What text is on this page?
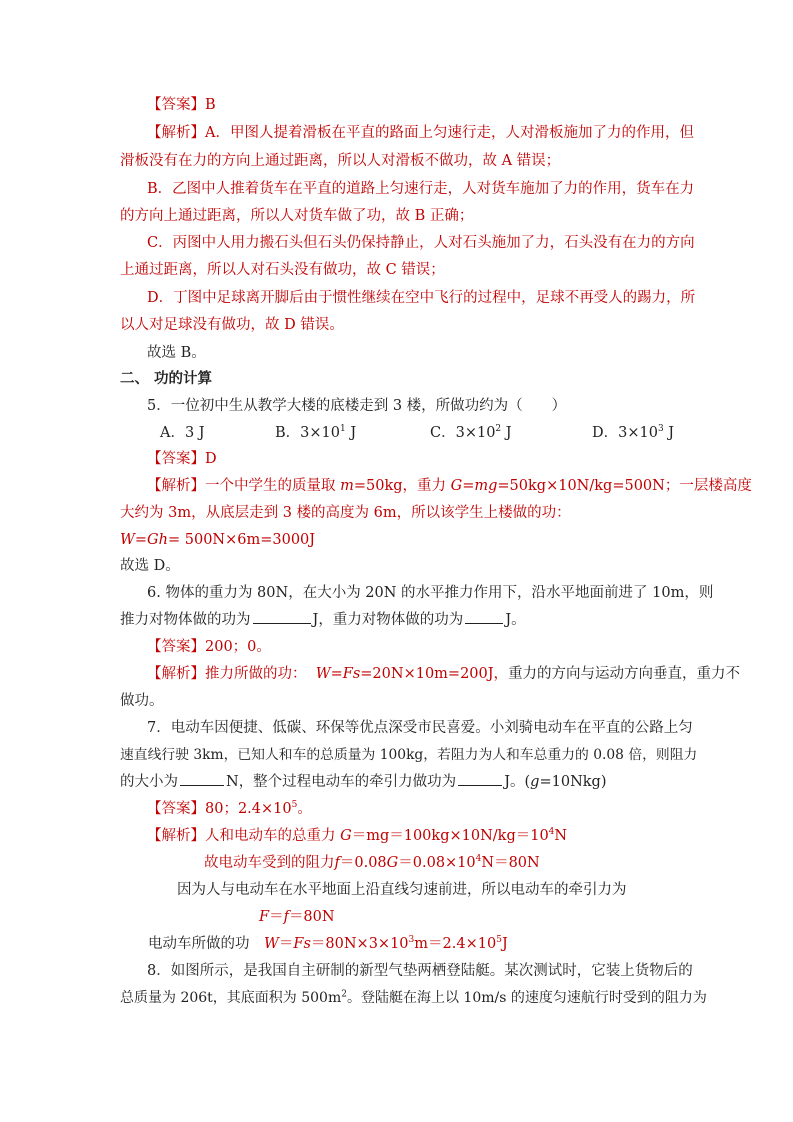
【答案】B
【解析】A．甲图人提着滑板在平直的路面上匀速行走，人对滑板施加了力的作用，但
滑板没有在力的方向上通过距离，所以人对滑板不做功，故 A 错误；
B．乙图中人推着货车在平直的道路上匀速行走，人对货车施加了力的作用，货车在力
的方向上通过距离，所以人对货车做了功，故 B 正确；
C．丙图中人用力搬石头但石头仍保持静止，人对石头施加了力，石头没有在力的方向
上通过距离，所以人对石头没有做功，故 C 错误；
D．丁图中足球离开脚后由于惯性继续在空中飞行的过程中，足球不再受人的踢力，所
以人对足球没有做功，故 D 错误。
故选 B。
二、 功的计算
5．一位初中生从教学大楼的底楼走到 3 楼，所做功约为（　　）
A．3 J	B．$3\times 10^1$ J	C．$3\times 10^2$ J	D．$3\times 10^3$ J
【答案】D
【解析】一个中学生的质量取 m=50kg，重力 G=mg=50kg×10N/kg=500N；一层楼高度
大约为 3m，从底层走到 3 楼的高度为 6m，所以该学生上楼做的功：
W=Gh= 500N×6m=3000J
故选 D。
6. 物体的重力为 80N，在大小为 20N 的水平推力作用下，沿水平地面前进了 10m，则
推力对物体做的功为	J，重力对物体做的功为	J。
【答案】200；0。
【解析】推力所做的功： W=Fs=20N×10m=200J，重力的方向与运动方向垂直，重力不
做功。
7．电动车因便捷、低碳、环保等优点深受市民喜爱。小刘骑电动车在平直的公路上匀
速直线行驶 3km，已知人和车的总质量为 100kg，若阻力为人和车总重力的 0.08 倍，则阻力
的大小为	N，整个过程电动车的牵引力做功为	J。(g=10Nkg)
【答案】80；$2.4\times 10^5$。
【解析】人和电动车的总重力 $G=mg=100kg\times 10N/kg=10^4N$
故电动车受到的阻力$f=0.08G=0.08\times 10^4N=80N$
因为人与电动车在水平地面上沿直线匀速前进，所以电动车的牵引力为
F＝f＝80N
电动车所做的功　$W=Fs=80N\times 3\times 10^3m=2.4\times 10^5J$
8．如图所示，是我国自主研制的新型气垫两栖登陆艇。某次测试时，它装上货物后的
总质量为 206t，其底面积为 $500m^2$。登陆艇在海上以 10m/s 的速度匀速航行时受到的阻力为
